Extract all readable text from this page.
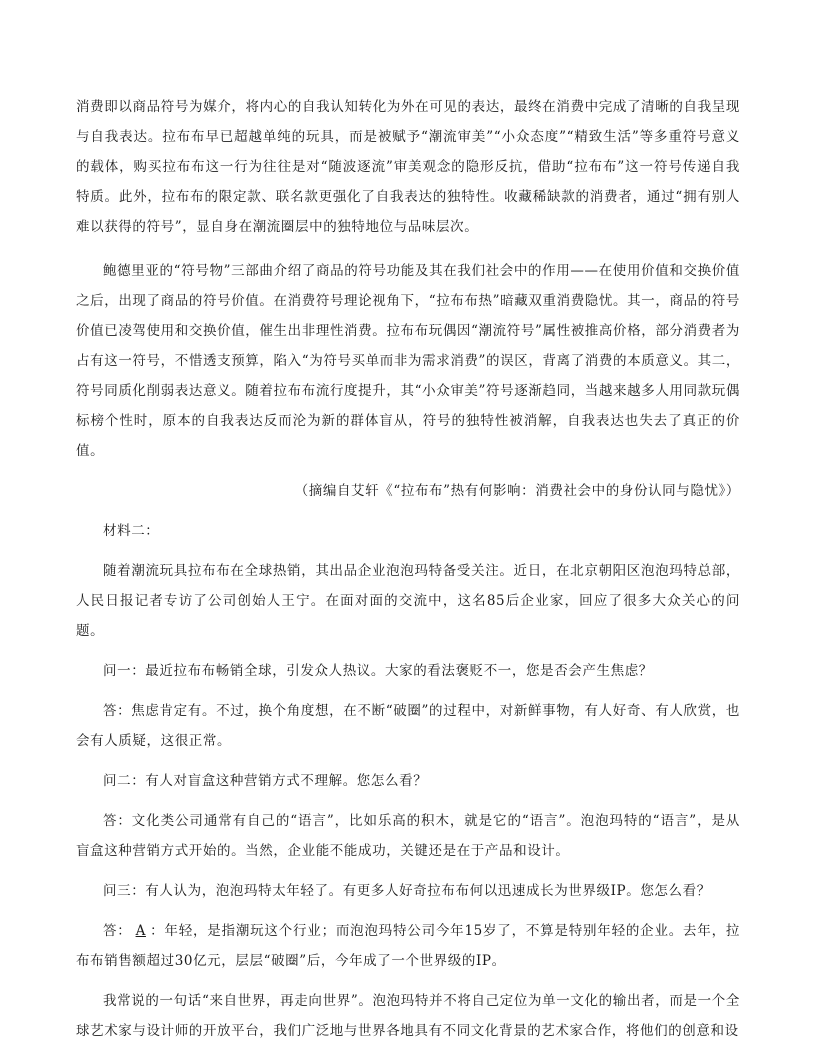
消费即以商品符号为媒介，将内心的自我认知转化为外在可见的表达，最终在消费中完成了清晰的自我呈现与自我表达。拉布布早已超越单纯的玩具，而是被赋予“潮流审美”“小众态度”“精致生活”等多重符号意义的载体，购买拉布布这一行为往往是对“随波逐流”审美观念的隐形反抗，借助“拉布布”这一符号传递自我特质。此外，拉布布的限定款、联名款更强化了自我表达的独特性。收藏稀缺款的消费者，通过“拥有别人难以获得的符号”，显自身在潮流圈层中的独特地位与品味层次。

鲍德里亚的“符号物”三部曲介绍了商品的符号功能及其在我们社会中的作用——在使用价值和交换价值之后，出现了商品的符号价值。在消费符号理论视角下，“拉布布热”暗藏双重消费隐忧。其一，商品的符号价值已凌驾使用和交换价值，催生出非理性消费。拉布布玩偶因“潮流符号”属性被推高价格，部分消费者为占有这一符号，不惜透支预算，陷入“为符号买单而非为需求消费”的误区，背离了消费的本质意义。其二，符号同质化削弱表达意义。随着拉布布流行度提升，其“小众审美”符号逐渐趋同，当越来越多人用同款玩偶标榜个性时，原本的自我表达反而沦为新的群体盲从，符号的独特性被消解，自我表达也失去了真正的价值。

（摘编自艾轩《“拉布布”热有何影响：消费社会中的身份认同与隐忧》）

材料二：

随着潮流玩具拉布布在全球热销，其出品企业泡泡玛特备受关注。近日，在北京朝阳区泡泡玛特总部，人民日报记者专访了公司创始人王宁。在面对面的交流中，这名85后企业家，回应了很多大众关心的问题。

问一：最近拉布布畅销全球，引发众人热议。大家的看法褒贬不一，您是否会产生焦虑？

答：焦虑肯定有。不过，换个角度想，在不断“破圈”的过程中，对新鲜事物，有人好奇、有人欣赏，也会有人质疑，这很正常。

问二：有人对盲盒这种营销方式不理解。您怎么看？

答：文化类公司通常有自己的“语言”，比如乐高的积木，就是它的“语言”。泡泡玛特的“语言”，是从盲盒这种营销方式开始的。当然，企业能不能成功，关键还是在于产品和设计。

问三：有人认为，泡泡玛特太年轻了。有更多人好奇拉布布何以迅速成长为世界级IP。您怎么看？

答： A ：年轻，是指潮玩这个行业；而泡泡玛特公司今年15岁了，不算是特别年轻的企业。去年，拉布布销售额超过30亿元，层层“破圈”后，今年成了一个世界级的IP。

我常说的一句话“来自世界，再走向世界”。泡泡玛特并不将自己定位为单一文化的输出者，而是一个全球艺术家与设计师的开放平台，我们广泛地与世界各地具有不同文化背景的艺术家合作，将他们的创意和设
